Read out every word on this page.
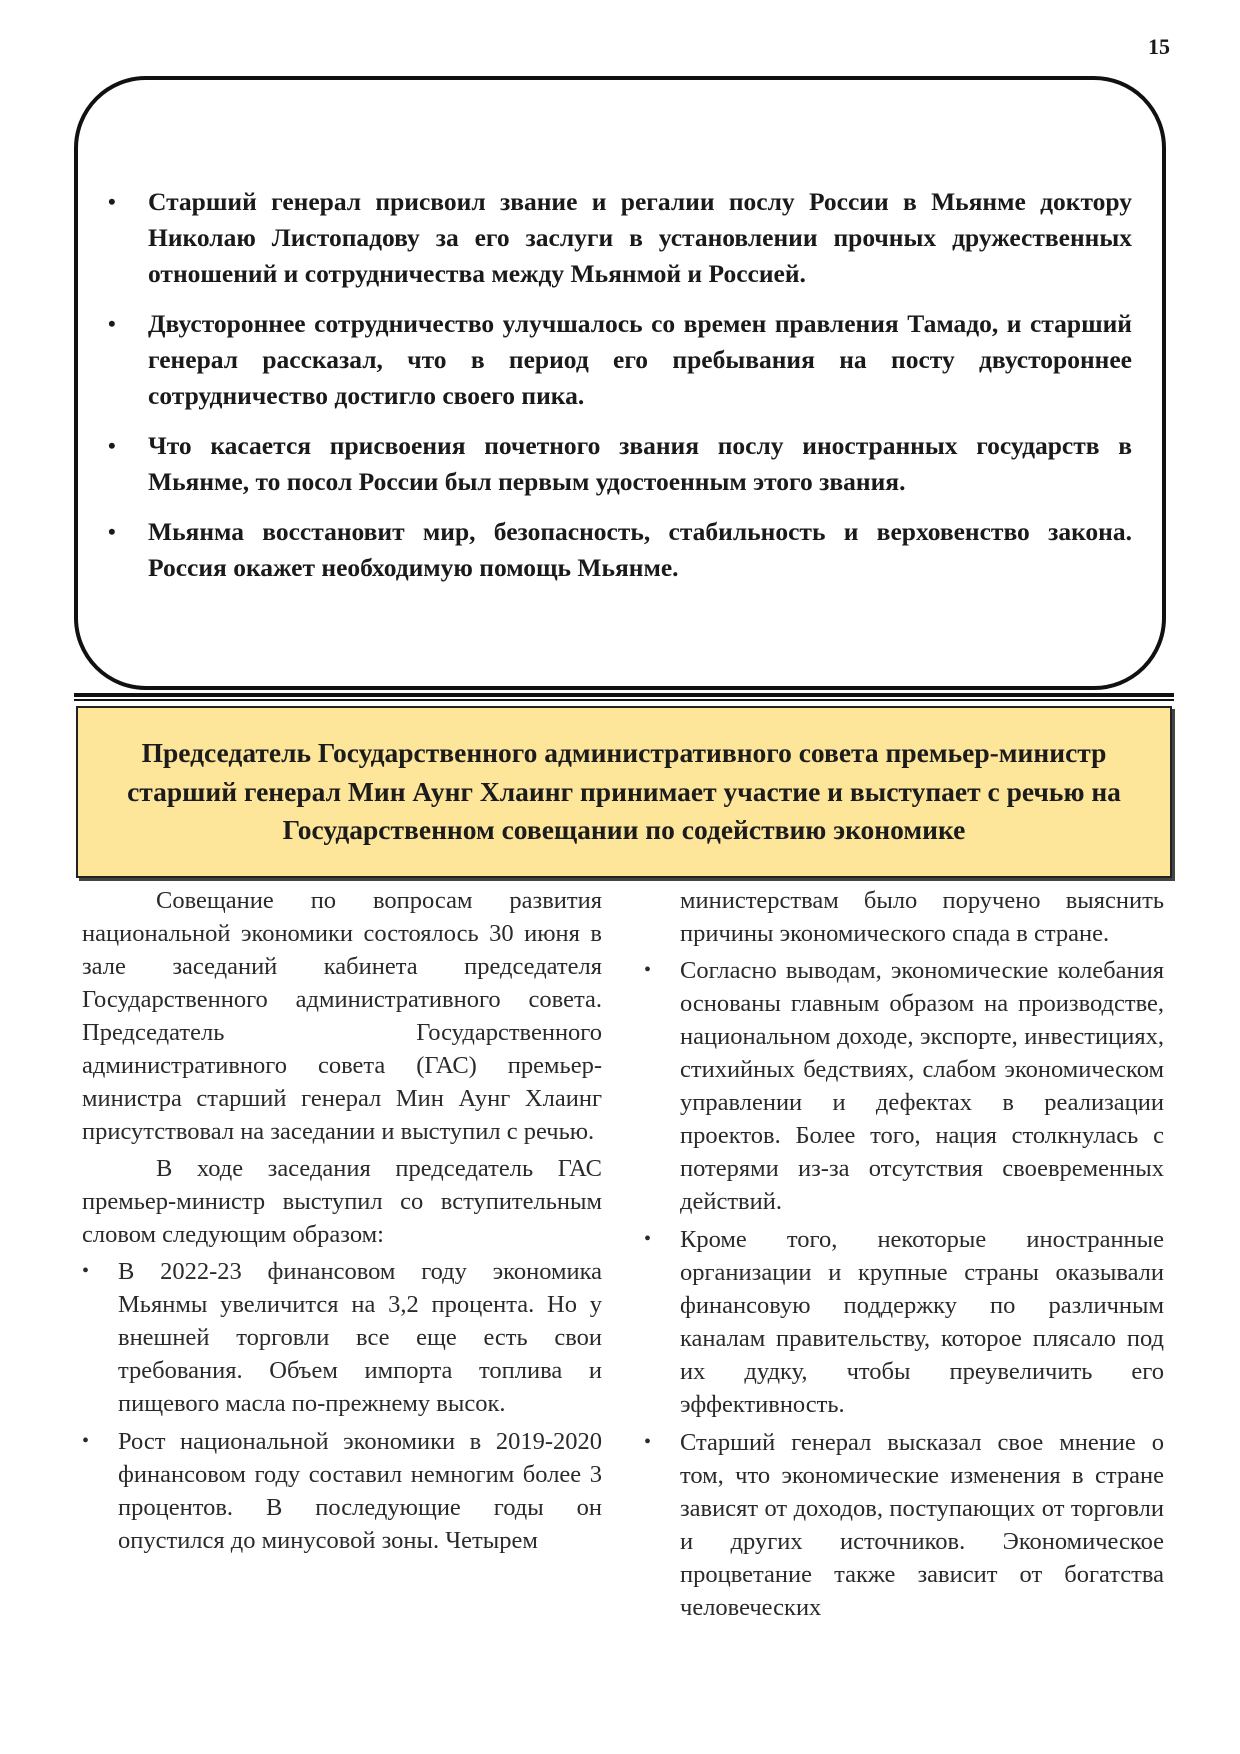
15
• Старший генерал присвоил звание и регалии послу России в Мьянме доктору Николаю Листопадову за его заслуги в установлении прочных дружественных отношений и сотрудничества между Мьянмой и Россией.
• Двустороннее сотрудничество улучшалось со времен правления Тамадо, и старший генерал рассказал, что в период его пребывания на посту двустороннее сотрудничество достигло своего пика.
• Что касается присвоения почетного звания послу иностранных государств в Мьянме, то посол России был первым удостоенным этого звания.
• Мьянма восстановит мир, безопасность, стабильность и верховенство закона. Россия окажет необходимую помощь Мьянме.
Председатель Государственного административного совета премьер-министр старший генерал Мин Аунг Хлаинг принимает участие и выступает с речью на Государственном совещании по содействию экономике

Совещание по вопросам развития национальной экономики состоялось 30 июня в зале заседаний кабинета председателя Государственного административного совета. Председатель Государственного административного совета (ГАС) премьер-министра старший генерал Мин Аунг Хлаинг присутствовал на заседании и выступил с речью.

В ходе заседания председатель ГАС премьер-министр выступил со вступительным словом следующим образом:

• В 2022-23 финансовом году экономика Мьянмы увеличится на 3,2 процента. Но у внешней торговли все еще есть свои требования. Объем импорта топлива и пищевого масла по-прежнему высок.
• Рост национальной экономики в 2019-2020 финансовом году составил немногим более 3 процентов. В последующие годы он опустился до минусовой зоны. Четырем

министерствам было поручено выяснить причины экономического спада в стране.

• Согласно выводам, экономические колебания основаны главным образом на производстве, национальном доходе, экспорте, инвестициях, стихийных бедствиях, слабом экономическом управлении и дефектах в реализации проектов. Более того, нация столкнулась с потерями из-за отсутствия своевременных действий.
• Кроме того, некоторые иностранные организации и крупные страны оказывали финансовую поддержку по различным каналам правительству, которое плясало под их дудку, чтобы преувеличить его эффективность.
• Старший генерал высказал свое мнение о том, что экономические изменения в стране зависят от доходов, поступающих от торговли и других источников. Экономическое процветание также зависит от богатства человеческих
